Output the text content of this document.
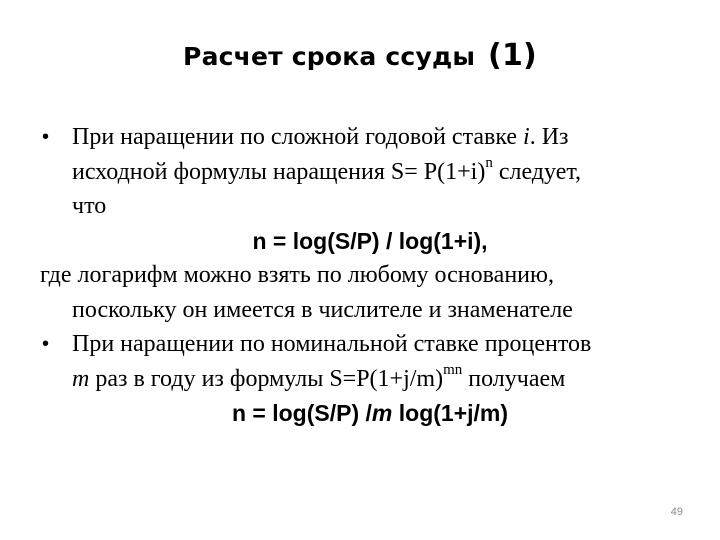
Расчет срока ссуды (1)
• При наращении по сложной годовой ставке i. Из
исходной формулы наращения $S= Р(1+i)^n$ следует,
что
n = log(S/P) / log(1+i),
где логарифм можно взять по любому основанию,
поскольку он имеется в числителе и знаменателе
• При наращении по номинальной ставке процентов
m раз в году из формулы $S=P(1+j/m)^{mn}$ получаем
n = log(S/P) /m log(1+j/m)
49
